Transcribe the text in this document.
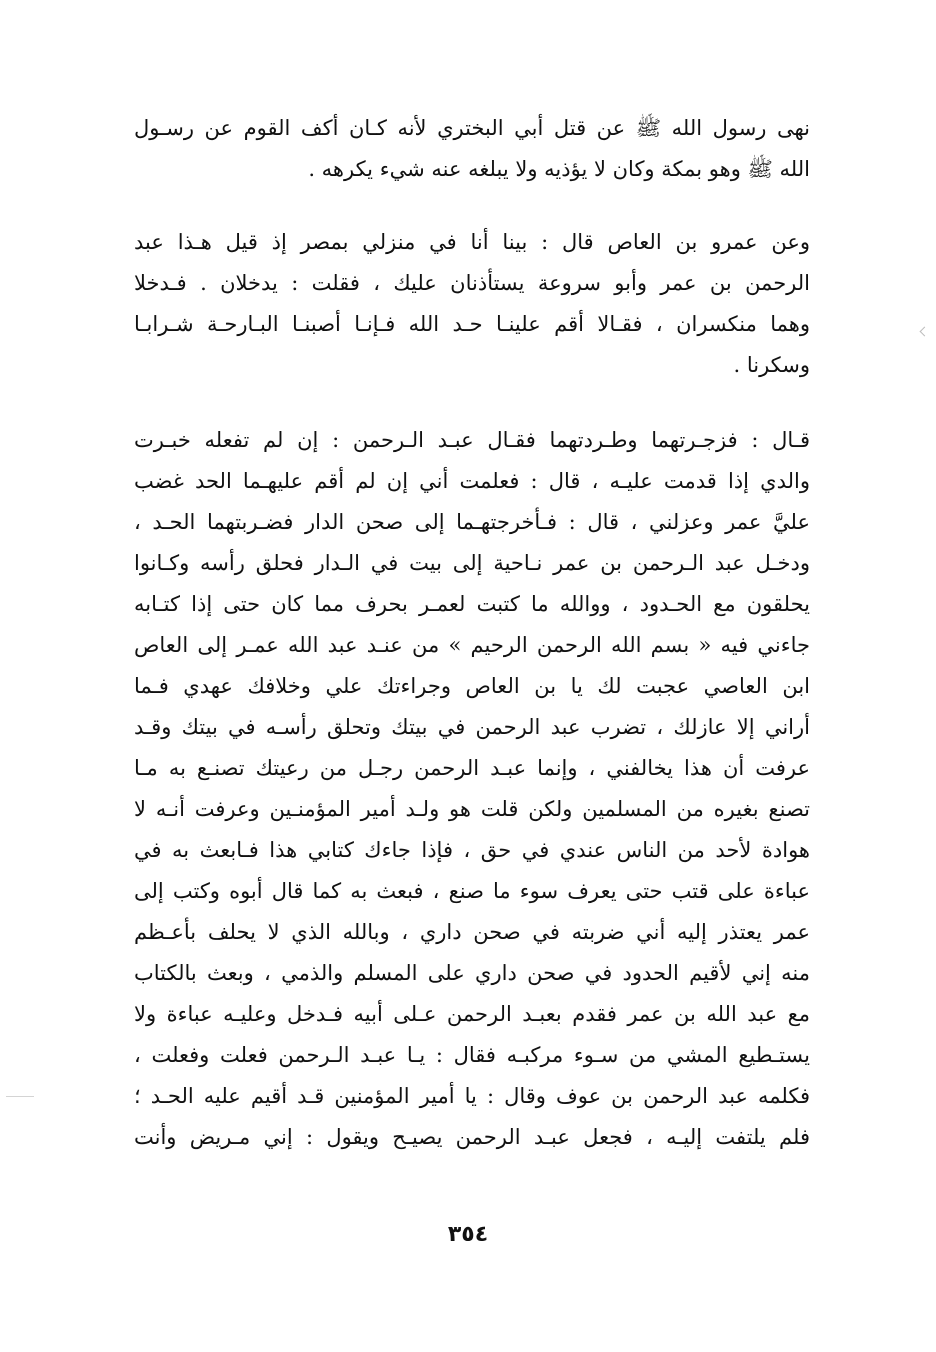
نهى رسول الله ﷺ عن قتل أبي البختري لأنه كـان أكف القوم عن رسـول
الله ﷺ وهو بمكة وكان لا يؤذيه ولا يبلغه عنه شيء يكرهه .
وعن عمرو بن العاص قال : بينا أنا في منزلي بمصر إذ قيل هـذا عبد
الرحمن بن عمر وأبو سروعة يستأذنان عليك ، فقلت : يدخلان . فـدخلا
وهما منكسران ، فقـالا أقم علينـا حـد الله فـإنـا أصبنـا البـارحـة شـرابـا
وسكرنا .
قـال : فزجـرتهما وطـردتهما فقـال عبـد الـرحمن : إن لم تفعله خبـرت
والدي إذا قدمت عليـه ، قال : فعلمت أني إن لم أقم عليهـما الحد غضب
عليَّ عمر وعزلني ، قال : فـأخرجتهـما إلى صحن الدار فضـربتهما الحـد ،
ودخـل عبد الـرحمن بن عمر نـاحية إلى بيت في الـدار فحلق رأسه وكـانوا
يحلقون مع الحـدود ، ووالله ما كتبت لعمـر بحرف مما كان حتى إذا كتـابه
جاءني فيه « بسم الله الرحمن الرحيم » من عنـد عبد الله عمـر إلى العاص
ابن العاصي عجبت لك يا بن العاص وجراءتك علي وخلافك عهدي فـما
أراني إلا عازلك ، تضرب عبد الرحمن في بيتك وتحلق رأسـه في بيتك وقـد
عرفت أن هذا يخالفني ، وإنما عبـد الرحمن رجـل من رعيتك تصنـع به مـا
تصنع بغيره من المسلمين ولكن قلت هو ولـد أمير المؤمنـين وعرفت أنـه لا
هوادة لأحد من الناس عندي في حق ، فإذا جاءك كتابي هذا فـابعث به في
عباءة على قتب حتى يعرف سوء ما صنع ، فبعث به كما قال أبوه وكتب إلى
عمر يعتذر إليه أني ضربته في صحن داري ، وبالله الذي لا يحلف بأعـظم
منه إني لأقيم الحدود في صحن داري على المسلم والذمي ، وبعث بالكتاب
مع عبد الله بن عمر فقدم بعبـد الرحمن عـلى أبيه فـدخل وعليـه عباءة ولا
يستـطيع المشي من سـوء مركبـه فقال : يـا عبـد الـرحمن فعلت وفعلت ،
فكلمه عبد الرحمن بن عوف وقال : يا أمير المؤمنين قـد أقيم عليه الحـد ؛
فلم يلتفت إليـه ، فجعل عبـد الرحمن يصيـح ويقول : إني مـريض وأنت
٣٥٤
